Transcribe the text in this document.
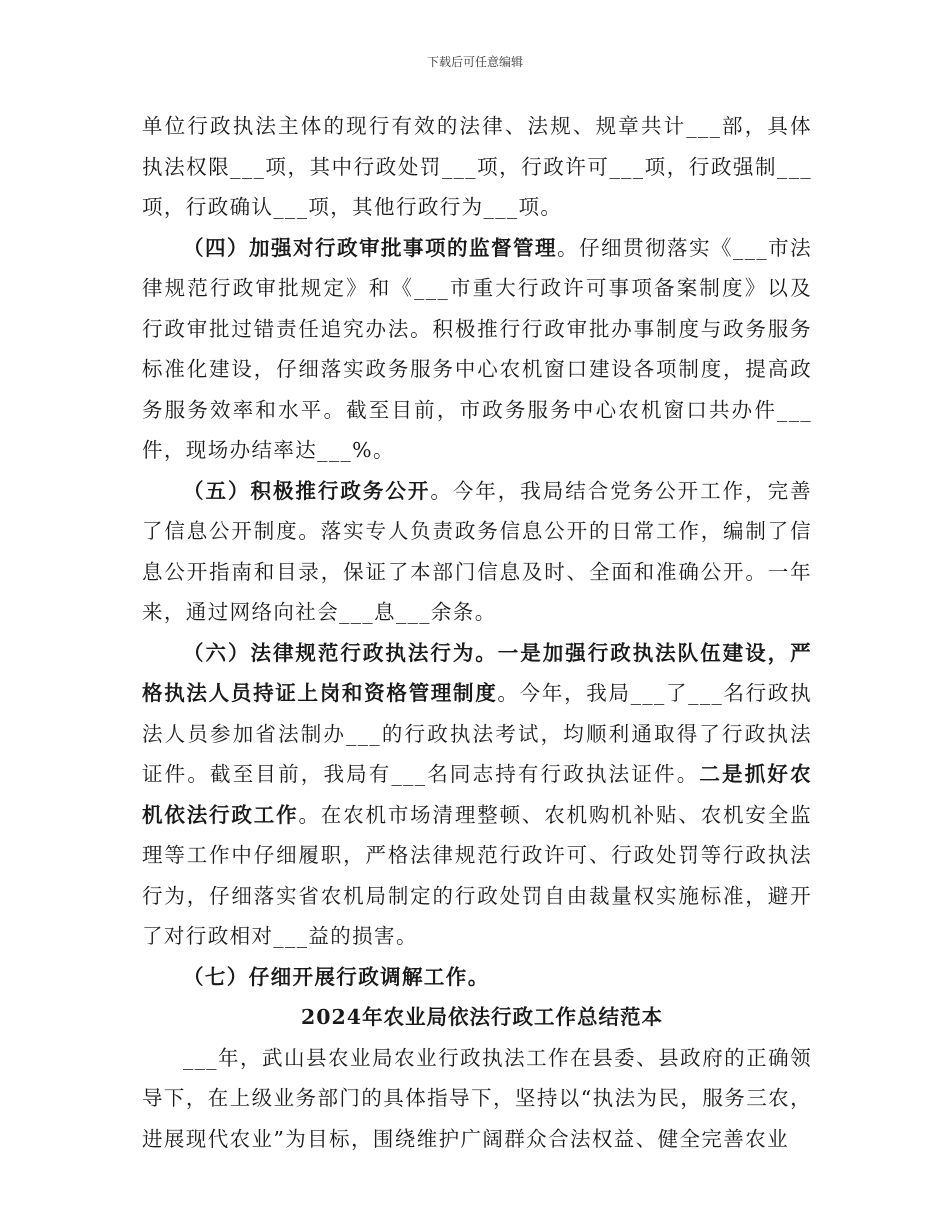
下载后可任意编辑

单位行政执法主体的现行有效的法律、法规、规章共计___部，具体执法权限___项，其中行政处罚___项，行政许可___项，行政强制___项，行政确认___项，其他行政行为___项。

（四）加强对行政审批事项的监督管理。仔细贯彻落实《___市法律规范行政审批规定》和《___市重大行政许可事项备案制度》以及行政审批过错责任追究办法。积极推行行政审批办事制度与政务服务标准化建设，仔细落实政务服务中心农机窗口建设各项制度，提高政务服务效率和水平。截至目前，市政务服务中心农机窗口共办件___件，现场办结率达___%。

（五）积极推行政务公开。今年，我局结合党务公开工作，完善了信息公开制度。落实专人负责政务信息公开的日常工作，编制了信息公开指南和目录，保证了本部门信息及时、全面和准确公开。一年来，通过网络向社会___息___余条。

（六）法律规范行政执法行为。一是加强行政执法队伍建设，严格执法人员持证上岗和资格管理制度。今年，我局___了___名行政执法人员参加省法制办___的行政执法考试，均顺利通取得了行政执法证件。截至目前，我局有___名同志持有行政执法证件。二是抓好农机依法行政工作。在农机市场清理整顿、农机购机补贴、农机安全监理等工作中仔细履职，严格法律规范行政许可、行政处罚等行政执法行为，仔细落实省农机局制定的行政处罚自由裁量权实施标准，避开了对行政相对___益的损害。

（七）仔细开展行政调解工作。

2024年农业局依法行政工作总结范本

___年，武山县农业局农业行政执法工作在县委、县政府的正确领导下，在上级业务部门的具体指导下，坚持以“执法为民，服务三农，进展现代农业”为目标，围绕维护广阔群众合法权益、健全完善农业
